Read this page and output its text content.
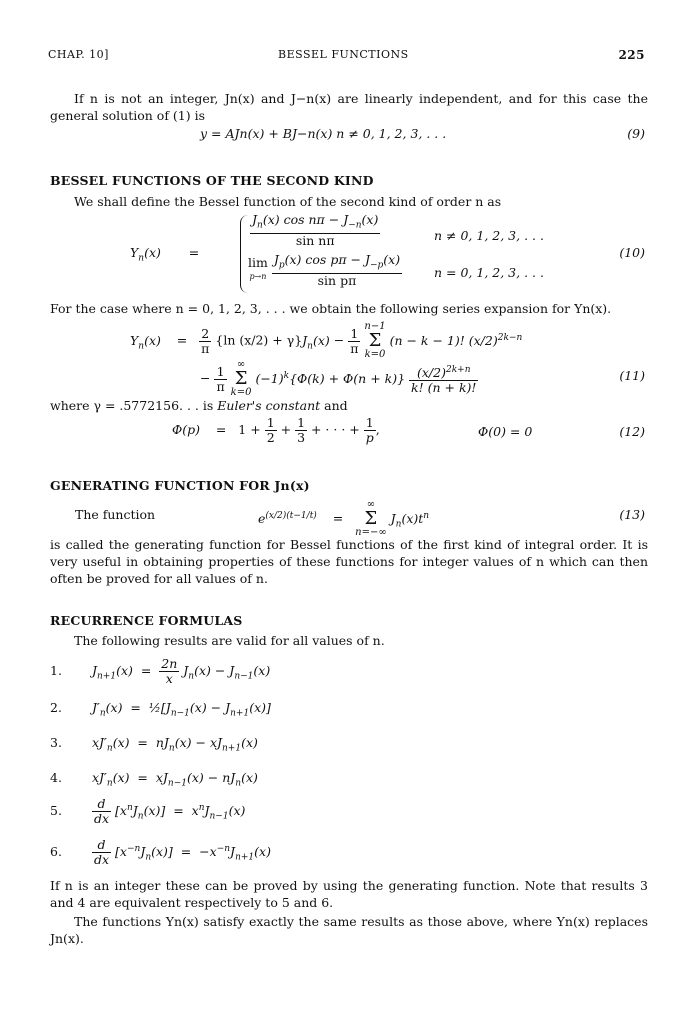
CHAP. 10]	BESSEL FUNCTIONS	225
If n is not an integer, Jn(x) and J−n(x) are linearly independent, and for this case the general solution of (1) is
y = AJn(x) + BJ−n(x) n ≠ 0, 1, 2, 3, . . .	(9)
BESSEL FUNCTIONS OF THE SECOND KIND
We shall define the Bessel function of the second kind of order n as
$Y_n(x)$       =
$\frac{J_n(x) \cos n\pi - J_{-n}(x)}{\text{sin nπ}}$	n ≠ 0, 1, 2, 3, . . .
lim
$p\to n \frac{J_p(x) \cos p\pi - J_{-p}(x)}{\text{sin pπ}}$	n = 0, 1, 2, 3, . . .
(10)
For the case where n = 0, 1, 2, 3, . . . we obtain the following series expansion for Yn(x).
$Y_n(x)$    = $\frac{2}{\pi} \{\ln$ $(x/2) + \gamma\}J_n(x) - \frac{1}{\pi} n-1$
Σ
k=0 (n − k − 1)! $(x/2)^{2k-n}$
− $\frac{1}{\pi}$ ∞
Σ
k=0 $(-1)^k\{\Phi(k) + \Phi(n + k)\} \frac{(x/2)^{2k+n}}{k! (n + k)!}$	(11)
where γ = .5772156. . . is Euler's constant and
Φ(p)    =   $1 + \frac{1}{2} + \frac{1}{3}$ + · · · + $\frac{1}{p}$ ,	Φ(0) = 0	(12)
GENERATING FUNCTION FOR Jn(x)
The function	$e^{(x/2)(t-1/t)}$    =   ∞
Σ
n=−∞ $J_n(x)t^n$	(13)
is called the generating function for Bessel functions of the first kind of integral order. It is very useful in obtaining properties of these functions for integer values of n which can then often be proved for all values of n.
RECURRENCE FORMULAS
The following results are valid for all values of n.
1. $J_{n+1}(x) = \frac{2n}{x} J_n(x) - J_{n-1}(x)$
2. $J'_n(x)$  =  $\frac{1}{2}[J_{n-1}(x) - J_{n+1}(x)]$
3. $xJ'_n(x) = nJ_n(x) - xJ_{n+1}(x)$
4. $xJ'_n(x) = xJ_{n-1}(x) - nJ_n(x)$
5. $\frac{d}{dx} [x^nJ_n(x)] = x^nJ_{n-1}(x)$
6. $\frac{d}{dx} [x^{-n}J_n(x)] = -x^{-n}J_{n+1}(x)$
If n is an integer these can be proved by using the generating function. Note that results 3 and 4 are equivalent respectively to 5 and 6.
The functions Yn(x) satisfy exactly the same results as those above, where Yn(x) replaces Jn(x).
